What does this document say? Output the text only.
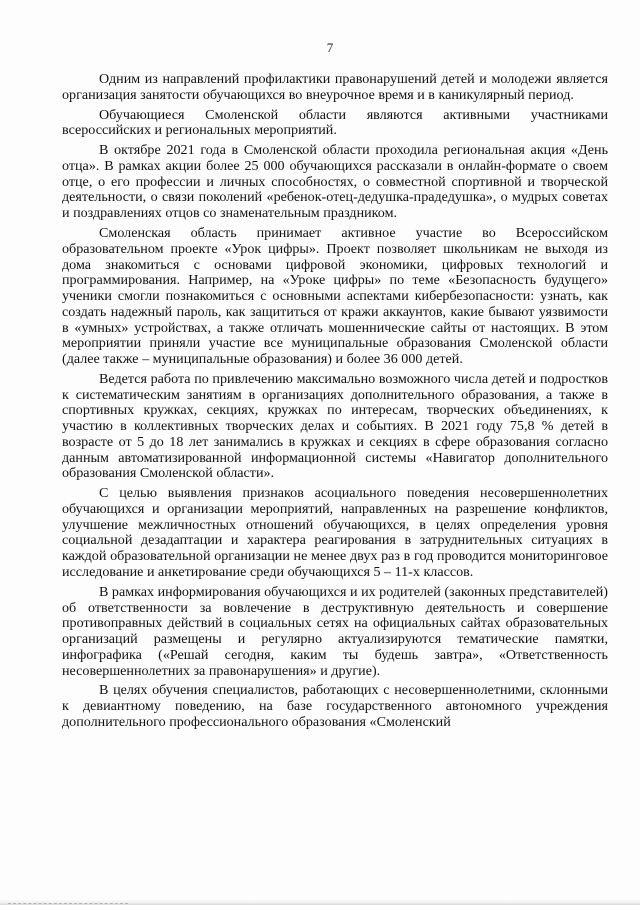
7

Одним из направлений профилактики правонарушений детей и молодежи является организация занятости обучающихся во внеурочное время и в каникулярный период.

Обучающиеся Смоленской области являются активными участниками всероссийских и региональных мероприятий.

В октябре 2021 года в Смоленской области проходила региональная акция «День отца». В рамках акции более 25 000 обучающихся рассказали в онлайн-формате о своем отце, о его профессии и личных способностях, о совместной спортивной и творческой деятельности, о связи поколений «ребенок-отец-дедушка-прадедушка», о мудрых советах и поздравлениях отцов со знаменательным праздником.

Смоленская область принимает активное участие во Всероссийском образовательном проекте «Урок цифры». Проект позволяет школьникам не выходя из дома знакомиться с основами цифровой экономики, цифровых технологий и программирования. Например, на «Уроке цифры» по теме «Безопасность будущего» ученики смогли познакомиться с основными аспектами кибербезопасности: узнать, как создать надежный пароль, как защититься от кражи аккаунтов, какие бывают уязвимости в «умных» устройствах, а также отличать мошеннические сайты от настоящих. В этом мероприятии приняли участие все муниципальные образования Смоленской области (далее также – муниципальные образования) и более 36 000 детей.

Ведется работа по привлечению максимально возможного числа детей и подростков к систематическим занятиям в организациях дополнительного образования, а также в спортивных кружках, секциях, кружках по интересам, творческих объединениях, к участию в коллективных творческих делах и событиях. В 2021 году 75,8 % детей в возрасте от 5 до 18 лет занимались в кружках и секциях в сфере образования согласно данным автоматизированной информационной системы «Навигатор дополнительного образования Смоленской области».

С целью выявления признаков асоциального поведения несовершеннолетних обучающихся и организации мероприятий, направленных на разрешение конфликтов, улучшение межличностных отношений обучающихся, в целях определения уровня социальной дезадаптации и характера реагирования в затруднительных ситуациях в каждой образовательной организации не менее двух раз в год проводится мониторинговое исследование и анкетирование среди обучающихся 5 – 11-х классов.

В рамках информирования обучающихся и их родителей (законных представителей) об ответственности за вовлечение в деструктивную деятельность и совершение противоправных действий в социальных сетях на официальных сайтах образовательных организаций размещены и регулярно актуализируются тематические памятки, инфографика («Решай сегодня, каким ты будешь завтра», «Ответственность несовершеннолетних за правонарушения» и другие).

В целях обучения специалистов, работающих с несовершеннолетними, склонными к девиантному поведению, на базе государственного автономного учреждения дополнительного профессионального образования «Смоленский
